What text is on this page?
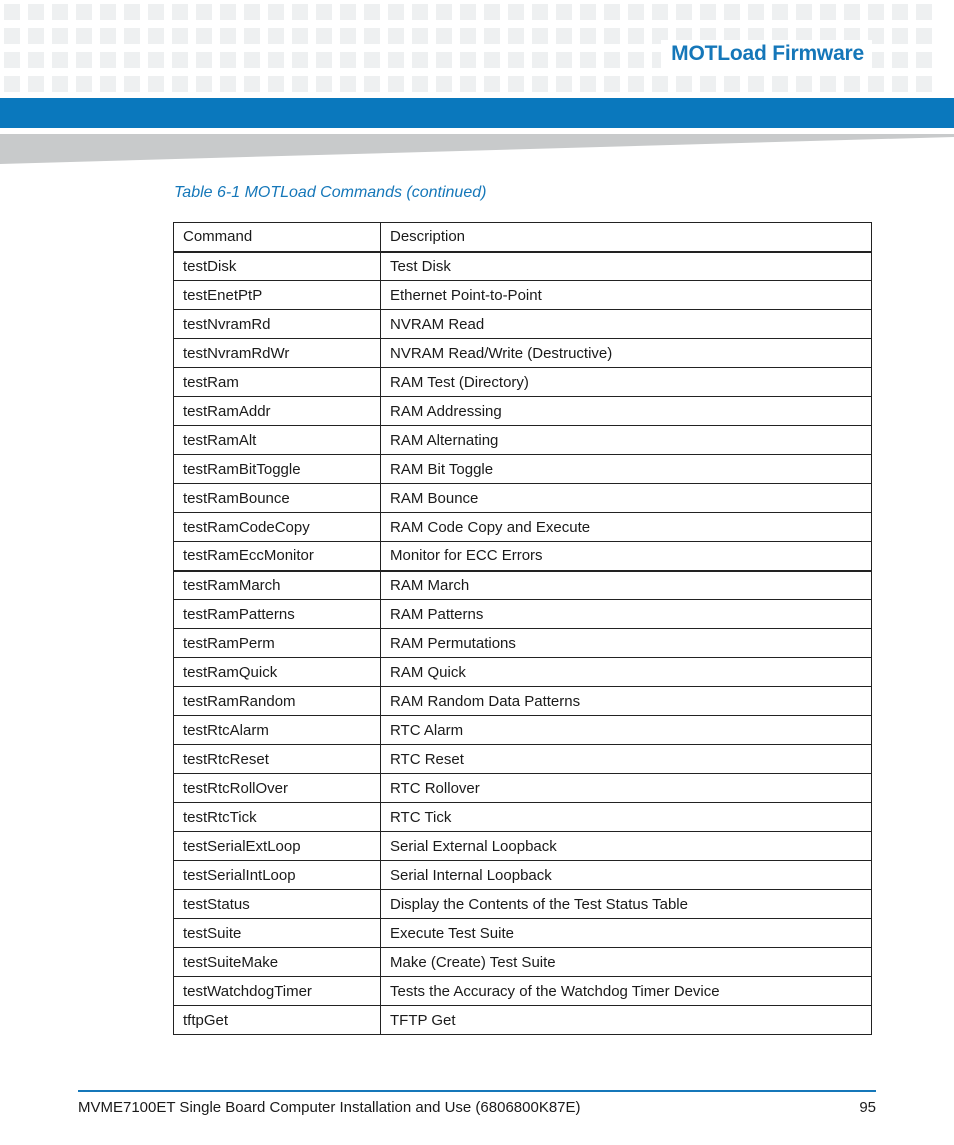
MOTLoad Firmware
Table 6-1 MOTLoad Commands (continued)
Command	Description
testDisk	Test Disk
testEnetPtP	Ethernet Point-to-Point
testNvramRd	NVRAM Read
testNvramRdWr	NVRAM Read/Write (Destructive)
testRam	RAM Test (Directory)
testRamAddr	RAM Addressing
testRamAlt	RAM Alternating
testRamBitToggle	RAM Bit Toggle
testRamBounce	RAM Bounce
testRamCodeCopy	RAM Code Copy and Execute
testRamEccMonitor	Monitor for ECC Errors
testRamMarch	RAM March
testRamPatterns	RAM Patterns
testRamPerm	RAM Permutations
testRamQuick	RAM Quick
testRamRandom	RAM Random Data Patterns
testRtcAlarm	RTC Alarm
testRtcReset	RTC Reset
testRtcRollOver	RTC Rollover
testRtcTick	RTC Tick
testSerialExtLoop	Serial External Loopback
testSerialIntLoop	Serial Internal Loopback
testStatus	Display the Contents of the Test Status Table
testSuite	Execute Test Suite
testSuiteMake	Make (Create) Test Suite
testWatchdogTimer	Tests the Accuracy of the Watchdog Timer Device
tftpGet	TFTP Get
MVME7100ET Single Board Computer Installation and Use (6806800K87E)	95
